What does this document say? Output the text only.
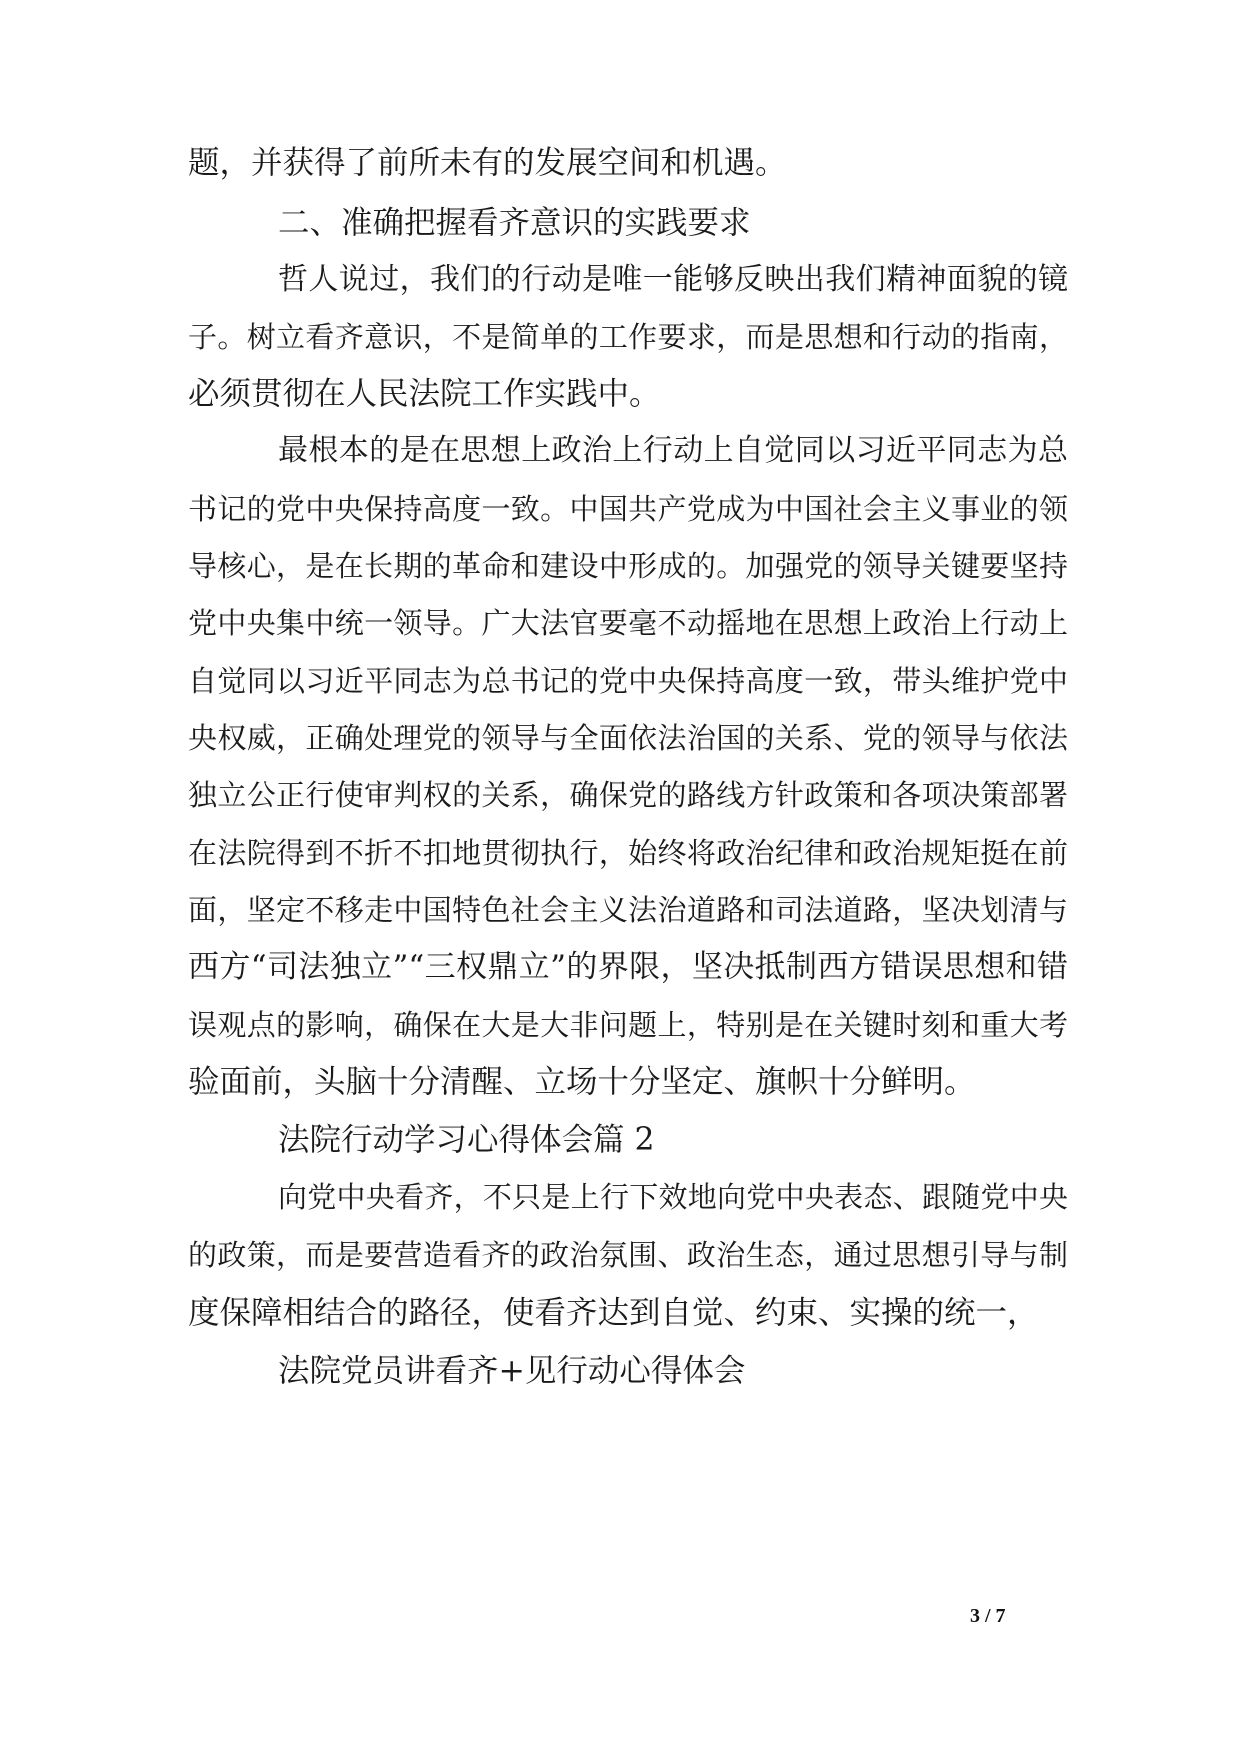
题，并获得了前所未有的发展空间和机遇。
二、准确把握看齐意识的实践要求
哲人说过，我们的行动是唯一能够反映出我们精神面貌的镜
子。树立看齐意识，不是简单的工作要求，而是思想和行动的指南，
必须贯彻在人民法院工作实践中。
最根本的是在思想上政治上行动上自觉同以习近平同志为总
书记的党中央保持高度一致。中国共产党成为中国社会主义事业的领
导核心，是在长期的革命和建设中形成的。加强党的领导关键要坚持
党中央集中统一领导。广大法官要毫不动摇地在思想上政治上行动上
自觉同以习近平同志为总书记的党中央保持高度一致，带头维护党中
央权威，正确处理党的领导与全面依法治国的关系、党的领导与依法
独立公正行使审判权的关系，确保党的路线方针政策和各项决策部署
在法院得到不折不扣地贯彻执行，始终将政治纪律和政治规矩挺在前
面，坚定不移走中国特色社会主义法治道路和司法道路，坚决划清与
西方“司法独立”“三权鼎立”的界限，坚决抵制西方错误思想和错
误观点的影响，确保在大是大非问题上，特别是在关键时刻和重大考
验面前，头脑十分清醒、立场十分坚定、旗帜十分鲜明。
法院行动学习心得体会篇 2
向党中央看齐，不只是上行下效地向党中央表态、跟随党中央
的政策，而是要营造看齐的政治氛围、政治生态，通过思想引导与制
度保障相结合的路径，使看齐达到自觉、约束、实操的统一，
法院党员讲看齐+见行动心得体会
3 / 7
